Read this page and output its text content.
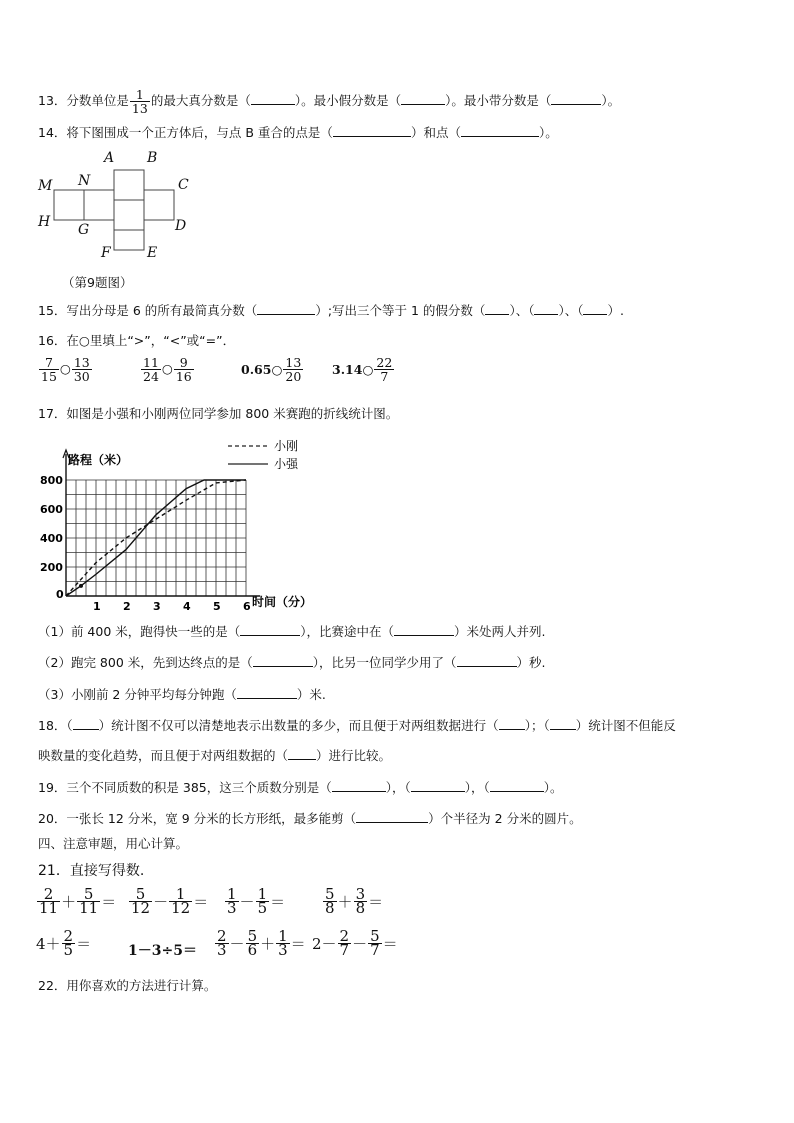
13．分数单位是 $\frac{1}{13}$ 的最大真分数是（	）。最小假分数是（	）。最小带分数是（	）。
14．将下图围成一个正方体后，与点 B 重合的点是（	）和点（	）。
A B
M N	C
H G	D
F	E
（第9题图）
15．写出分母是 6 的所有最简真分数（	）;写出三个等于 1 的假分数（ ）、（ ）、（ ）.
16．在○里填上“>”，“<”或“=”．
$\frac{7}{15}$ ○ $\frac{13}{30}$	$\frac{11}{24}$ ○ $\frac{9}{16}$	0.65○ $\frac{13}{20}$ 3.14○ $\frac{22}{7}$
17．如图是小强和小刚两位同学参加 800 米赛跑的折线统计图。
0
1 2 3 4 5 6
200
400
600
800
路程（米）
时间（分）
小刚
小强
（1）前 400 米，跑得快一些的是（	），比赛途中在（	）米处两人并列.
（2）跑完 800 米，先到达终点的是（	），比另一位同学少用了（	）秒.
（3）小刚前 2 分钟平均每分钟跑（	）米.
18．（ ）统计图不仅可以清楚地表示出数量的多少，而且便于对两组数据进行（ ）；（ ）统计图不但能反
映数量的变化趋势，而且便于对两组数据的（ ）进行比较。
19．三个不同质数的积是 385，这三个质数分别是（	），（	），（	）。
20．一张长 12 分米，宽 9 分米的长方形纸，最多能剪（	）个半径为 2 分米的圆片。
四、注意审题，用心计算。
21．直接写得数.
$\frac{2}{11} + \frac{5}{11} = \frac{5}{12} - \frac{1}{12} = \frac{1}{3} - \frac{1}{5}$ ＝	$\frac{5}{8} + \frac{3}{8}$ ＝
$4+ \frac{2}{5}$ ＝	$1-3\div 5= \frac{2}{3} - \frac{5}{6} + \frac{1}{3} = 2- \frac{2}{7} - \frac{5}{7}$ ＝
22．用你喜欢的方法进行计算。
